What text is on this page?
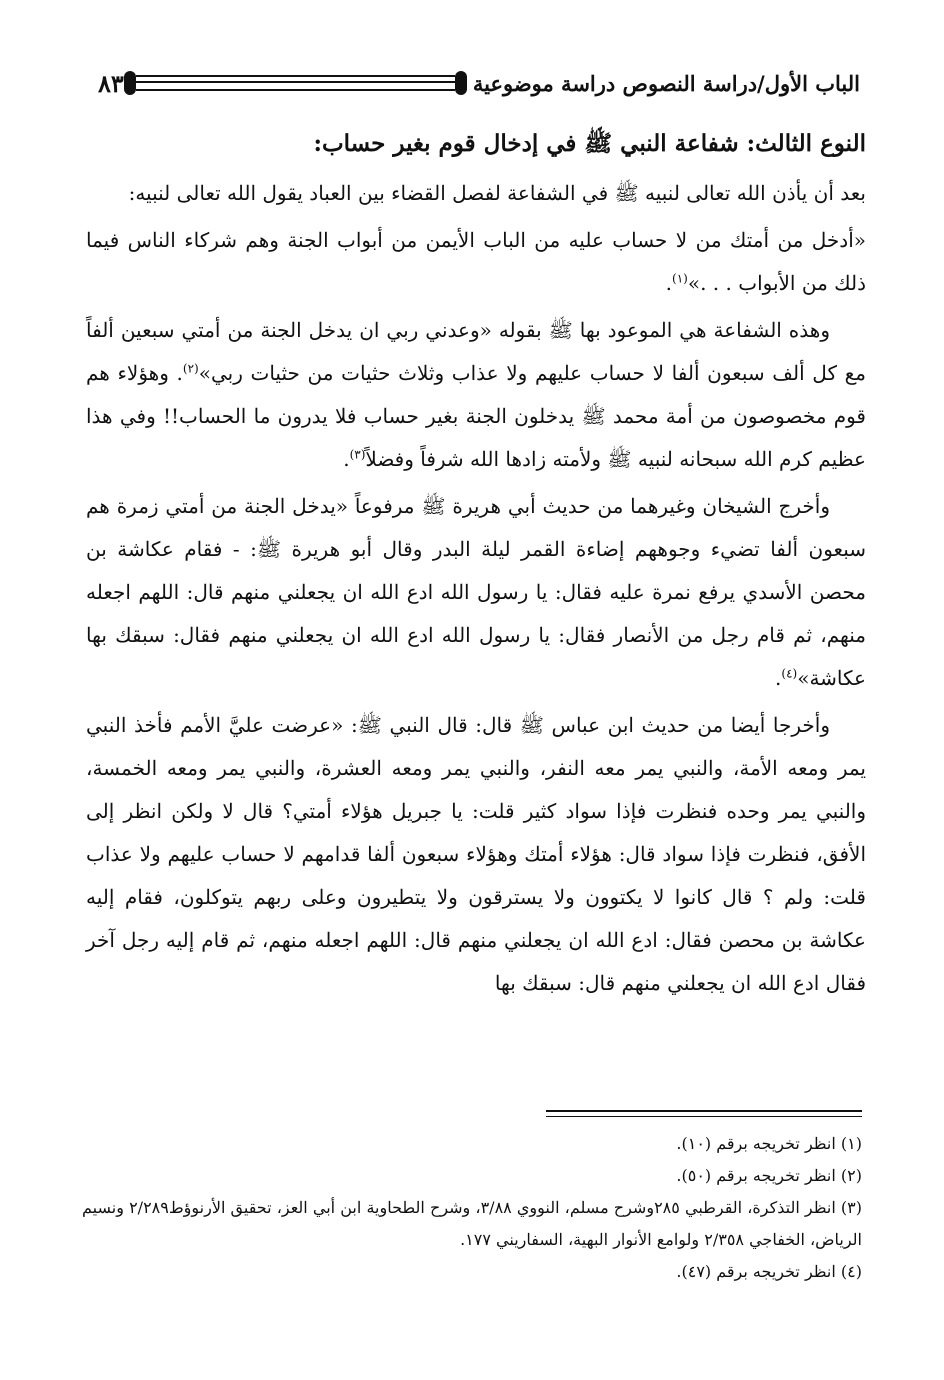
الباب الأول/دراسة النصوص دراسة موضوعية
٨٣
النوع الثالث: شفاعة النبي ﷺ في إدخال قوم بغير حساب:

بعد أن يأذن الله تعالى لنبيه ﷺ في الشفاعة لفصل القضاء بين العباد يقول الله تعالى لنبيه:

«أدخل من أمتك من لا حساب عليه من الباب الأيمن من أبواب الجنة وهم شركاء الناس فيما ذلك من الأبواب . . .»$^{(١)}$.

وهذه الشفاعة هي الموعود بها ﷺ بقوله «وعدني ربي ان يدخل الجنة من أمتي سبعين ألفاً مع كل ألف سبعون ألفا لا حساب عليهم ولا عذاب وثلاث حثيات من حثيات ربي»$^{(٢)}$. وهؤلاء هم قوم مخصوصون من أمة محمد ﷺ يدخلون الجنة بغير حساب فلا يدرون ما الحساب!! وفي هذا عظيم كرم الله سبحانه لنبيه ﷺ ولأمته زادها الله شرفاً وفضلاً$^{(٣)}$.

وأخرج الشيخان وغيرهما من حديث أبي هريرة ﷺ مرفوعاً «يدخل الجنة من أمتي زمرة هم سبعون ألفا تضيء وجوههم إضاءة القمر ليلة البدر وقال أبو هريرة ﷺ: - فقام عكاشة بن محصن الأسدي يرفع نمرة عليه فقال: يا رسول الله ادع الله ان يجعلني منهم قال: اللهم اجعله منهم، ثم قام رجل من الأنصار فقال: يا رسول الله ادع الله ان يجعلني منهم فقال: سبقك بها عكاشة»$^{(٤)}$.

وأخرجا أيضا من حديث ابن عباس ﷺ قال: قال النبي ﷺ: «عرضت عليَّ الأمم فأخذ النبي يمر ومعه الأمة، والنبي يمر معه النفر، والنبي يمر ومعه العشرة، والنبي يمر ومعه الخمسة، والنبي يمر وحده فنظرت فإذا سواد كثير قلت: يا جبريل هؤلاء أمتي؟ قال لا ولكن انظر إلى الأفق، فنظرت فإذا سواد قال: هؤلاء أمتك وهؤلاء سبعون ألفا قدامهم لا حساب عليهم ولا عذاب قلت: ولم ؟ قال كانوا لا يكتوون ولا يسترقون ولا يتطيرون وعلى ربهم يتوكلون، فقام إليه عكاشة بن محصن فقال: ادع الله ان يجعلني منهم قال: اللهم اجعله منهم، ثم قام إليه رجل آخر فقال ادع الله ان يجعلني منهم قال: سبقك بها

(١) انظر تخريجه برقم (١٠).

(٢) انظر تخريجه برقم (٥٠).

(٣) انظر التذكرة، القرطبي ٢٨٥وشرح مسلم، النووي ٣/٨٨، وشرح الطحاوية ابن أبي العز، تحقيق الأرنوؤط٢/٢٨٩ ونسيم الرياض، الخفاجي ٢/٣٥٨ ولوامع الأنوار البهية، السفاريني ١٧٧.

(٤) انظر تخريجه برقم (٤٧).
